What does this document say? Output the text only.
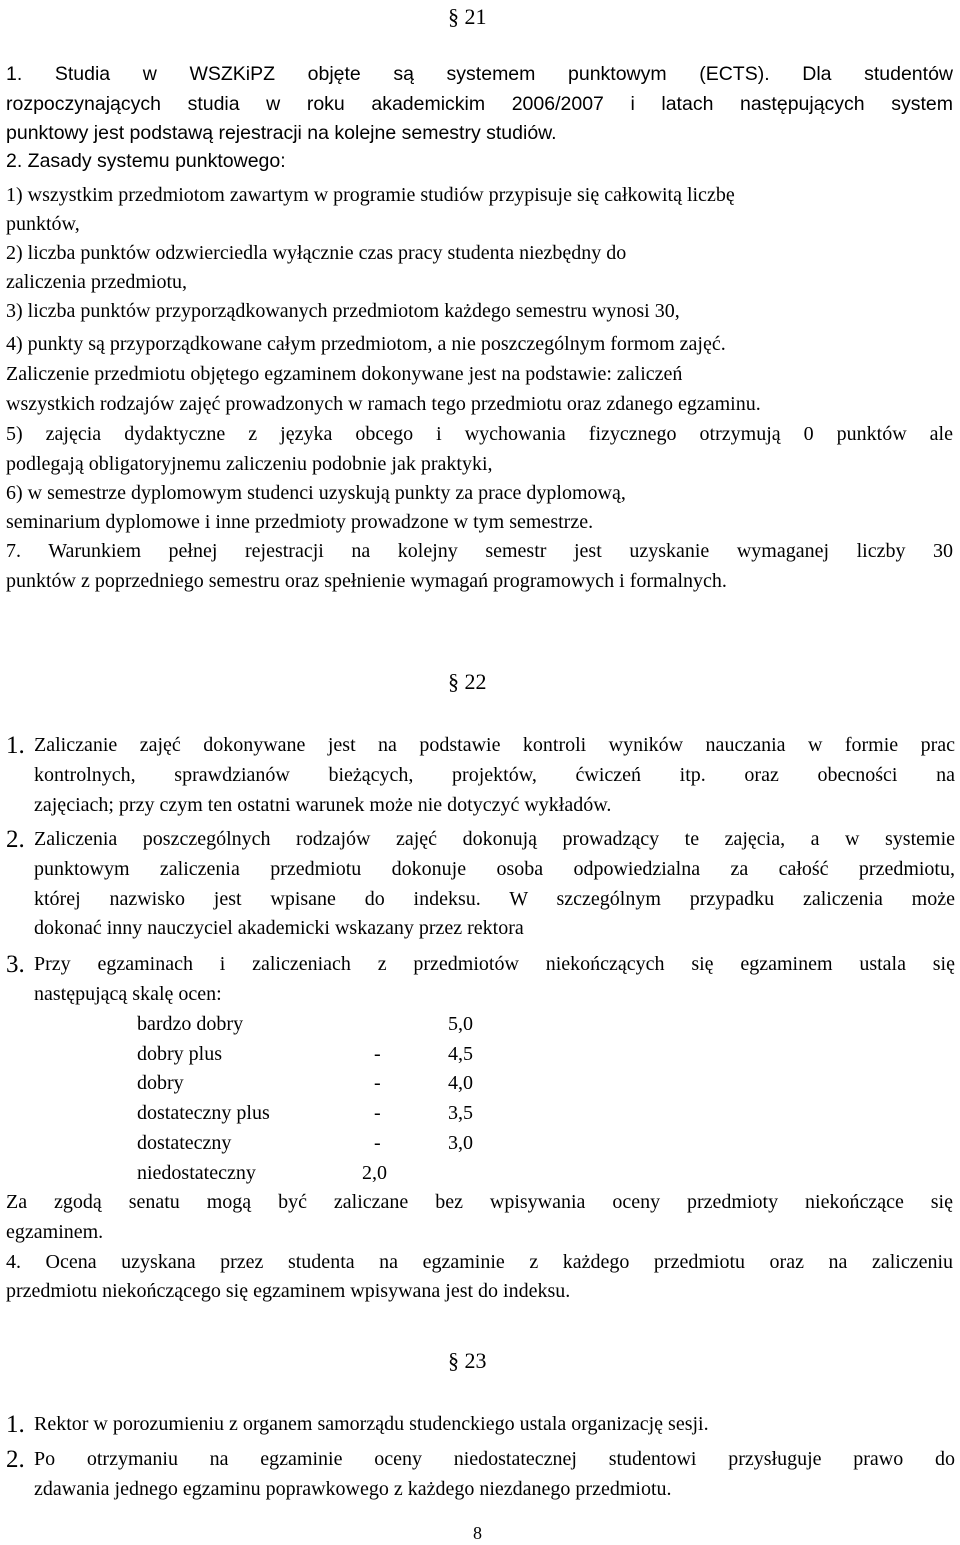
§ 21
1. Studia w WSZKiPZ objęte są systemem punktowym (ECTS). Dla studentów
rozpoczynających studia w roku akademickim 2006/2007 i latach następujących system
punktowy jest podstawą rejestracji na kolejne semestry studiów.
2. Zasady systemu punktowego:
1) wszystkim przedmiotom zawartym w programie studiów przypisuje się całkowitą liczbę
punktów,
2) liczba punktów odzwierciedla wyłącznie czas pracy studenta niezbędny do
zaliczenia przedmiotu,
3) liczba punktów przyporządkowanych przedmiotom każdego semestru wynosi 30,
4) punkty są przyporządkowane całym przedmiotom, a nie poszczególnym formom zajęć.
Zaliczenie przedmiotu objętego egzaminem dokonywane jest na podstawie: zaliczeń
wszystkich rodzajów zajęć prowadzonych w ramach tego przedmiotu oraz zdanego egzaminu.
5) zajęcia dydaktyczne z języka obcego i wychowania fizycznego otrzymują 0 punktów ale
podlegają obligatoryjnemu zaliczeniu podobnie jak praktyki,
6) w semestrze dyplomowym studenci uzyskują punkty za prace dyplomową,
seminarium dyplomowe i inne przedmioty prowadzone w tym semestrze.
7. Warunkiem pełnej rejestracji na kolejny semestr jest uzyskanie wymaganej liczby 30
punktów z poprzedniego semestru oraz spełnienie wymagań programowych i formalnych.
§ 22
1. Zaliczanie zajęć dokonywane jest na podstawie kontroli wyników nauczania w formie prac
kontrolnych, sprawdzianów bieżących, projektów, ćwiczeń itp. oraz obecności na
zajęciach; przy czym ten ostatni warunek może nie dotyczyć wykładów.
2. Zaliczenia poszczególnych rodzajów zajęć dokonują prowadzący te zajęcia, a w systemie
punktowym zaliczenia przedmiotu dokonuje osoba odpowiedzialna za całość przedmiotu,
której nazwisko jest wpisane do indeksu. W szczególnym przypadku zaliczenia może
dokonać inny nauczyciel akademicki wskazany przez rektora
3. Przy egzaminach i zaliczeniach z przedmiotów niekończących się egzaminem ustala się
następującą skalę ocen:
bardzo dobry	5,0
dobry plus	-	4,5
dobry	-	4,0
dostateczny plus	-	3,5
dostateczny	-	3,0
niedostateczny	2,0
Za zgodą senatu mogą być zaliczane bez wpisywania oceny przedmioty niekończące się
egzaminem.
4. Ocena uzyskana przez studenta na egzaminie z każdego przedmiotu oraz na zaliczeniu
przedmiotu niekończącego się egzaminem wpisywana jest do indeksu.
§ 23
1. Rektor w porozumieniu z organem samorządu studenckiego ustala organizację sesji.
2. Po otrzymaniu na egzaminie oceny niedostatecznej studentowi przysługuje prawo do
zdawania jednego egzaminu poprawkowego z każdego niezdanego przedmiotu.
8
